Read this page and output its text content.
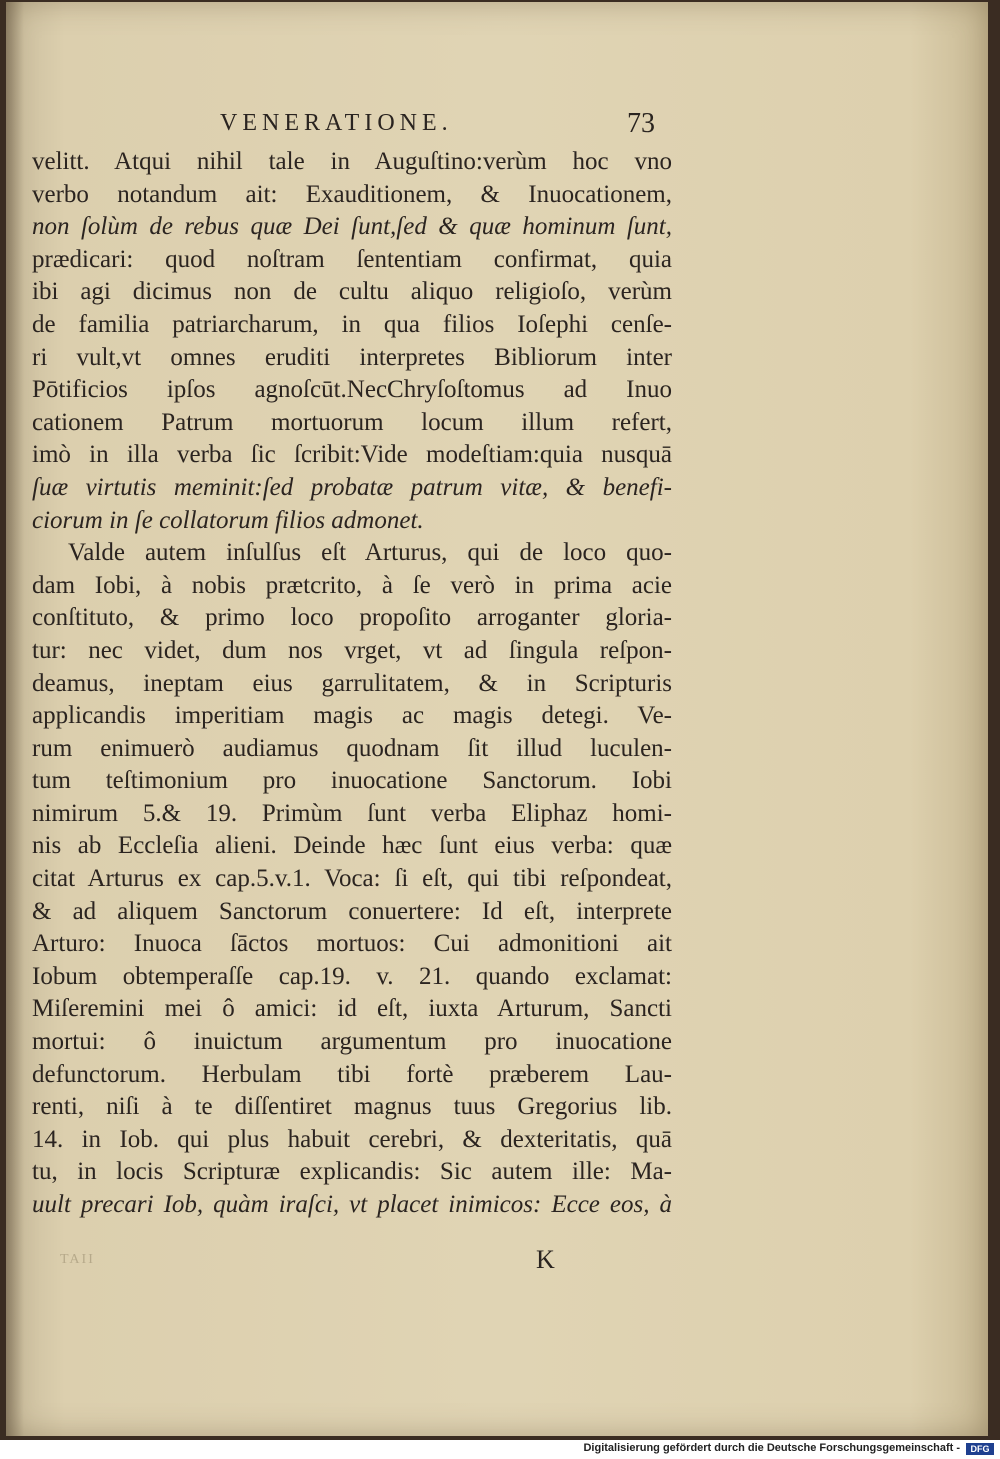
VENERATIONE.	73
velitt. Atqui nihil tale in Auguſtino:verùm hoc vno
verbo notandum ait: Exauditionem, & Inuocationem,
non ſolùm de rebus quæ Dei ſunt,ſed & quæ hominum ſunt,
prædicari: quod noſtram ſententiam confirmat, quia
ibi agi dicimus non de cultu aliquo religioſo, verùm
de familia patriarcharum, in qua filios Ioſephi cenſe-
ri vult,vt omnes eruditi interpretes Bibliorum inter
Pōtificios ipſos agnoſcūt.NecChryſoſtomus ad Inuo
cationem Patrum mortuorum locum illum refert,
imò in illa verba ſic ſcribit:Vide modeſtiam:quia nusquā
ſuæ virtutis meminit:ſed probatæ patrum vitæ, & benefi-
ciorum in ſe collatorum filios admonet.
Valde autem inſulſus eſt Arturus, qui de loco quo-
dam Iobi, à nobis prætcrito, à ſe verò in prima acie
conſtituto, & primo loco propoſito arroganter gloria-
tur: nec videt, dum nos vrget, vt ad ſingula reſpon-
deamus, ineptam eius garrulitatem, & in Scripturis
applicandis imperitiam magis ac magis detegi. Ve-
rum enimuerò audiamus quodnam ſit illud luculen-
tum teſtimonium pro inuocatione Sanctorum. Iobi
nimirum 5.& 19. Primùm ſunt verba Eliphaz homi-
nis ab Eccleſia alieni. Deinde hæc ſunt eius verba: quæ
citat Arturus ex cap.5.v.1. Voca: ſi eſt, qui tibi reſpondeat,
& ad aliquem Sanctorum conuertere: Id eſt, interprete
Arturo: Inuoca ſāctos mortuos: Cui admonitioni ait
Iobum obtemperaſſe cap.19. v. 21. quando exclamat:
Miſeremini mei ô amici: id eſt, iuxta Arturum, Sancti
mortui: ô inuictum argumentum pro inuocatione
defunctorum. Herbulam tibi fortè præberem Lau-
renti, niſi à te diſſentiret magnus tuus Gregorius lib.
14. in Iob. qui plus habuit cerebri, & dexteritatis, quā
tu, in locis Scripturæ explicandis: Sic autem ille: Ma-
uult precari Iob, quàm iraſci, vt placet inimicos: Ecce eos, à
TAII	K
Digitalisierung gefördert durch die Deutsche Forschungsgemeinschaft -	DFG
